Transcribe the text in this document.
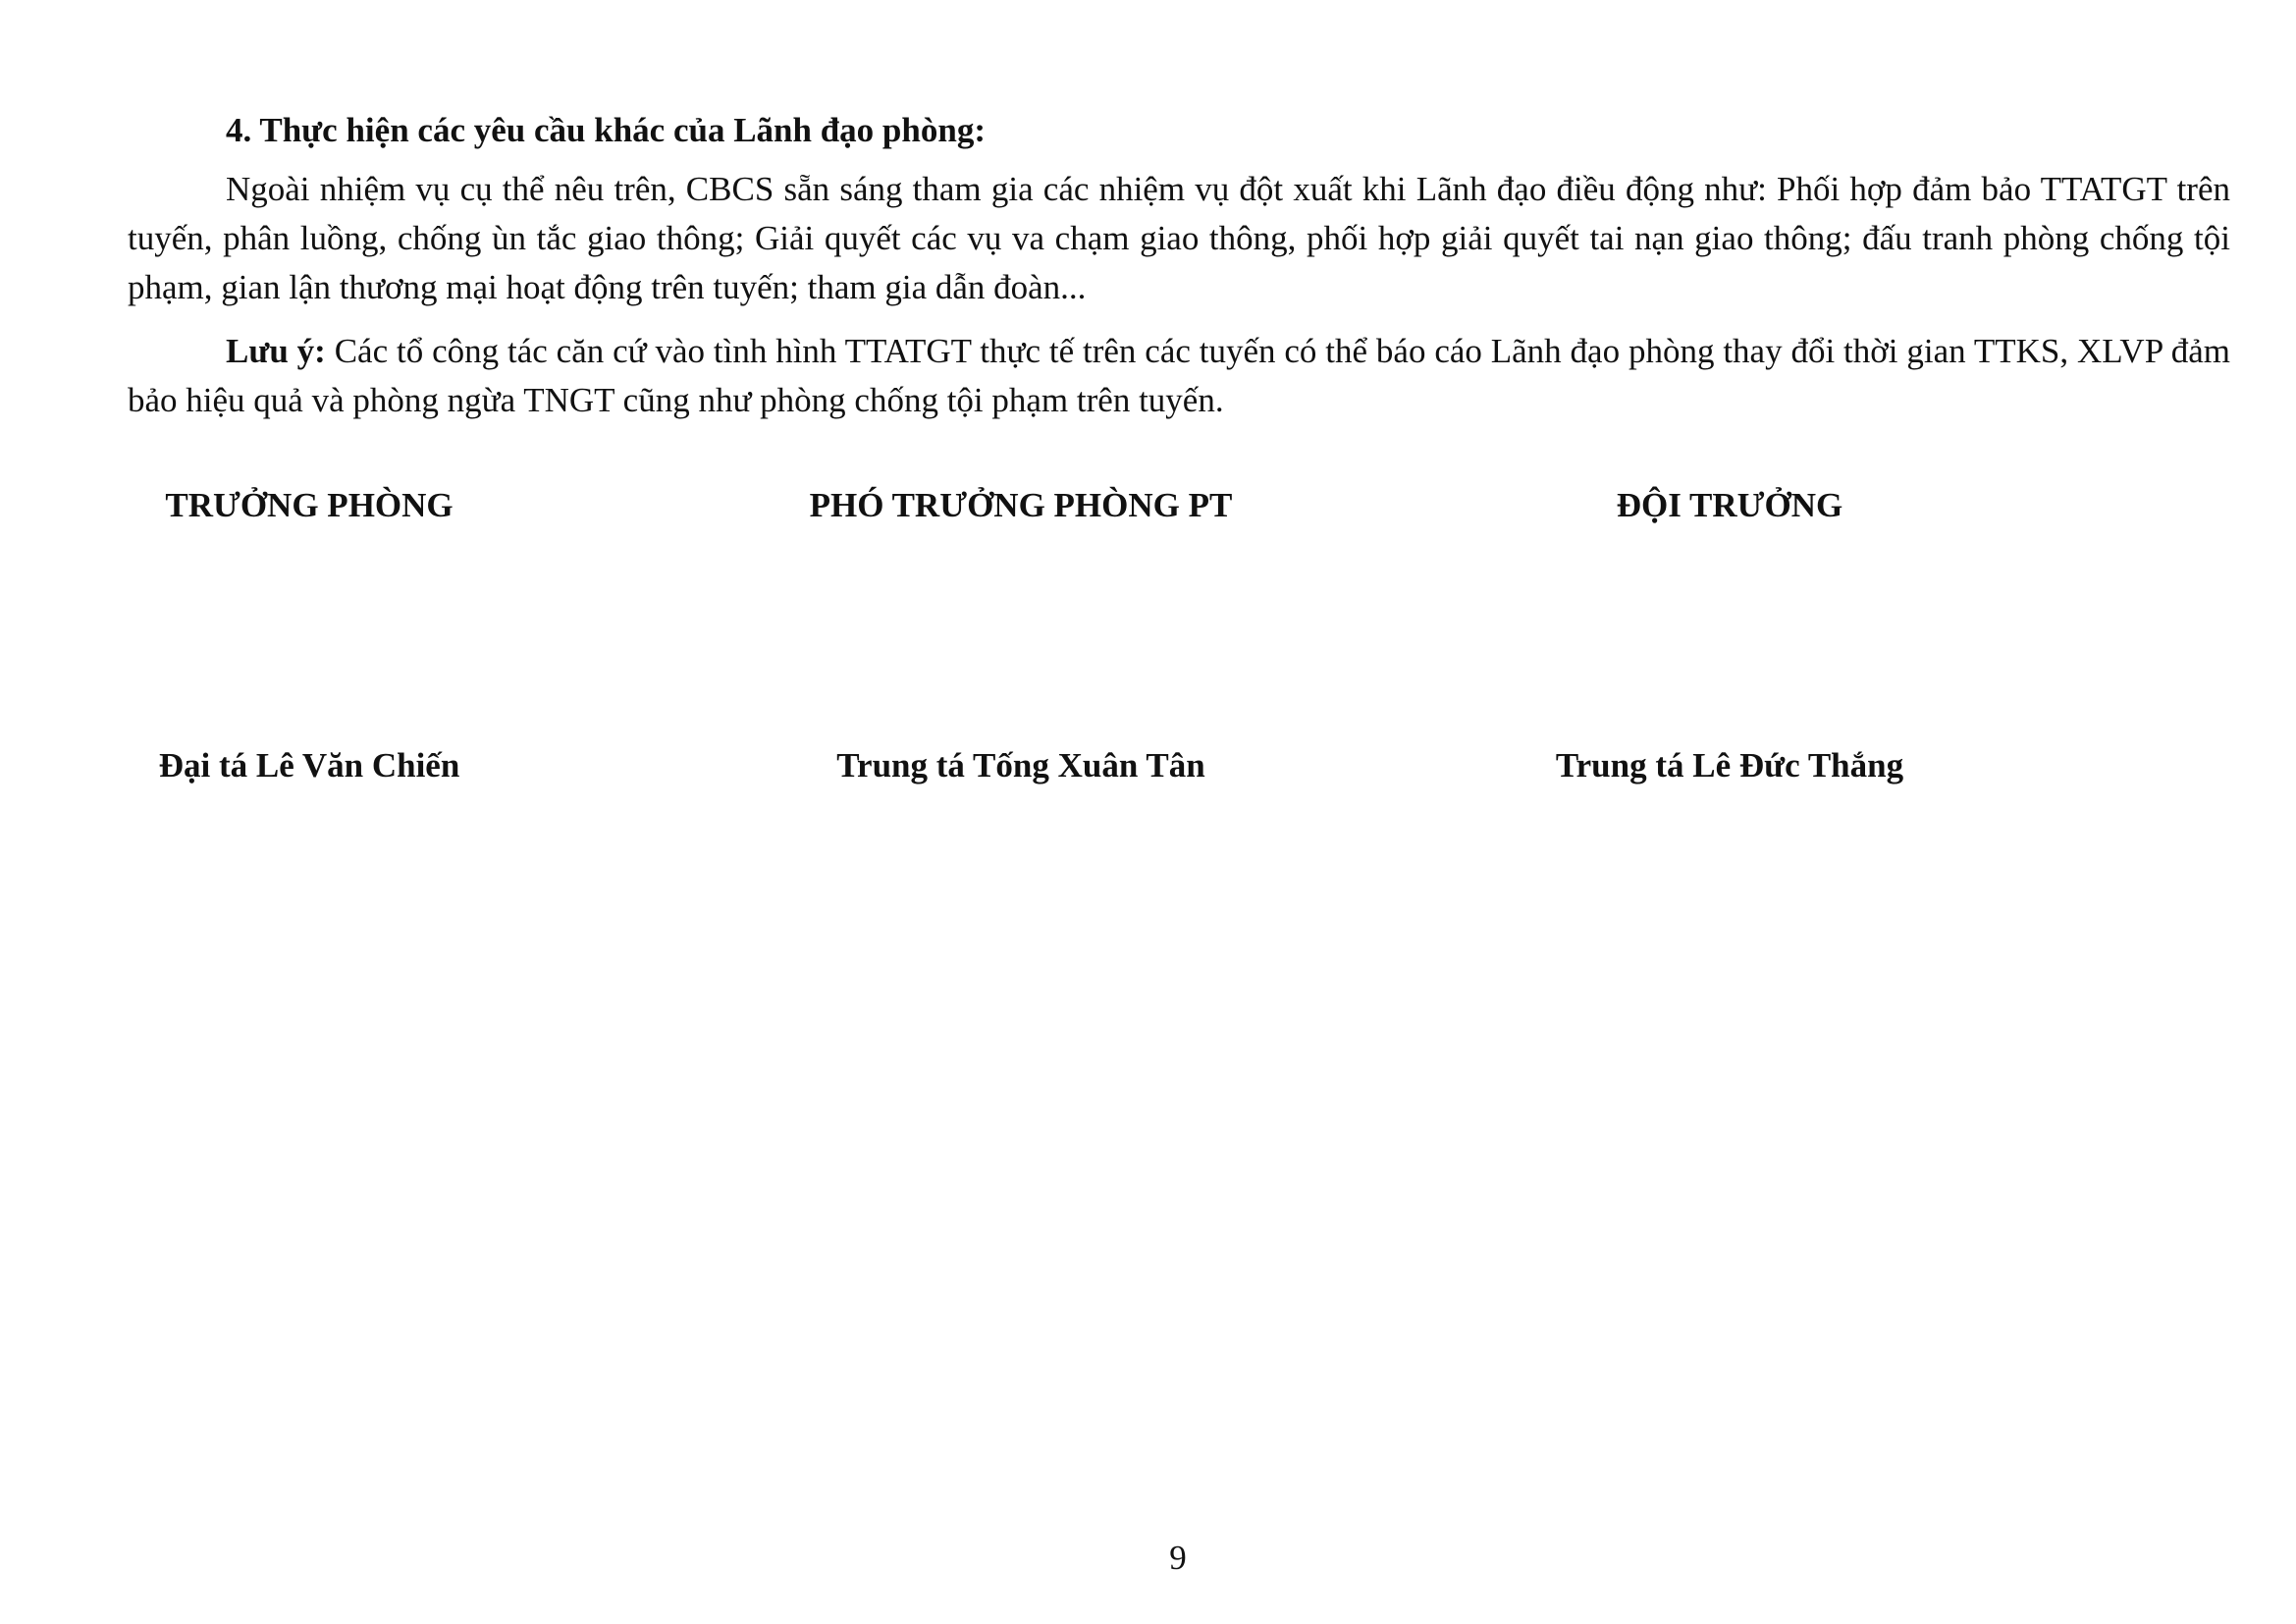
4. Thực hiện các yêu cầu khác của Lãnh đạo phòng:

Ngoài nhiệm vụ cụ thể nêu trên, CBCS sẵn sáng tham gia các nhiệm vụ đột xuất khi Lãnh đạo điều động như: Phối hợp đảm bảo TTATGT trên tuyến, phân luồng, chống ùn tắc giao thông; Giải quyết các vụ va chạm giao thông, phối hợp giải quyết tai nạn giao thông; đấu tranh phòng chống tội phạm, gian lận thương mại hoạt động trên tuyến; tham gia dẫn đoàn...

Lưu ý: Các tổ công tác căn cứ vào tình hình TTATGT thực tế trên các tuyến có thể báo cáo Lãnh đạo phòng thay đổi thời gian TTKS, XLVP đảm bảo hiệu quả và phòng ngừa TNGT cũng như phòng chống tội phạm trên tuyến.

TRƯỞNG PHÒNG
Đại tá Lê Văn Chiến
PHÓ TRƯỞNG PHÒNG PT
Trung tá Tống Xuân Tân
ĐỘI TRƯỞNG
Trung tá Lê Đức Thắng
9
